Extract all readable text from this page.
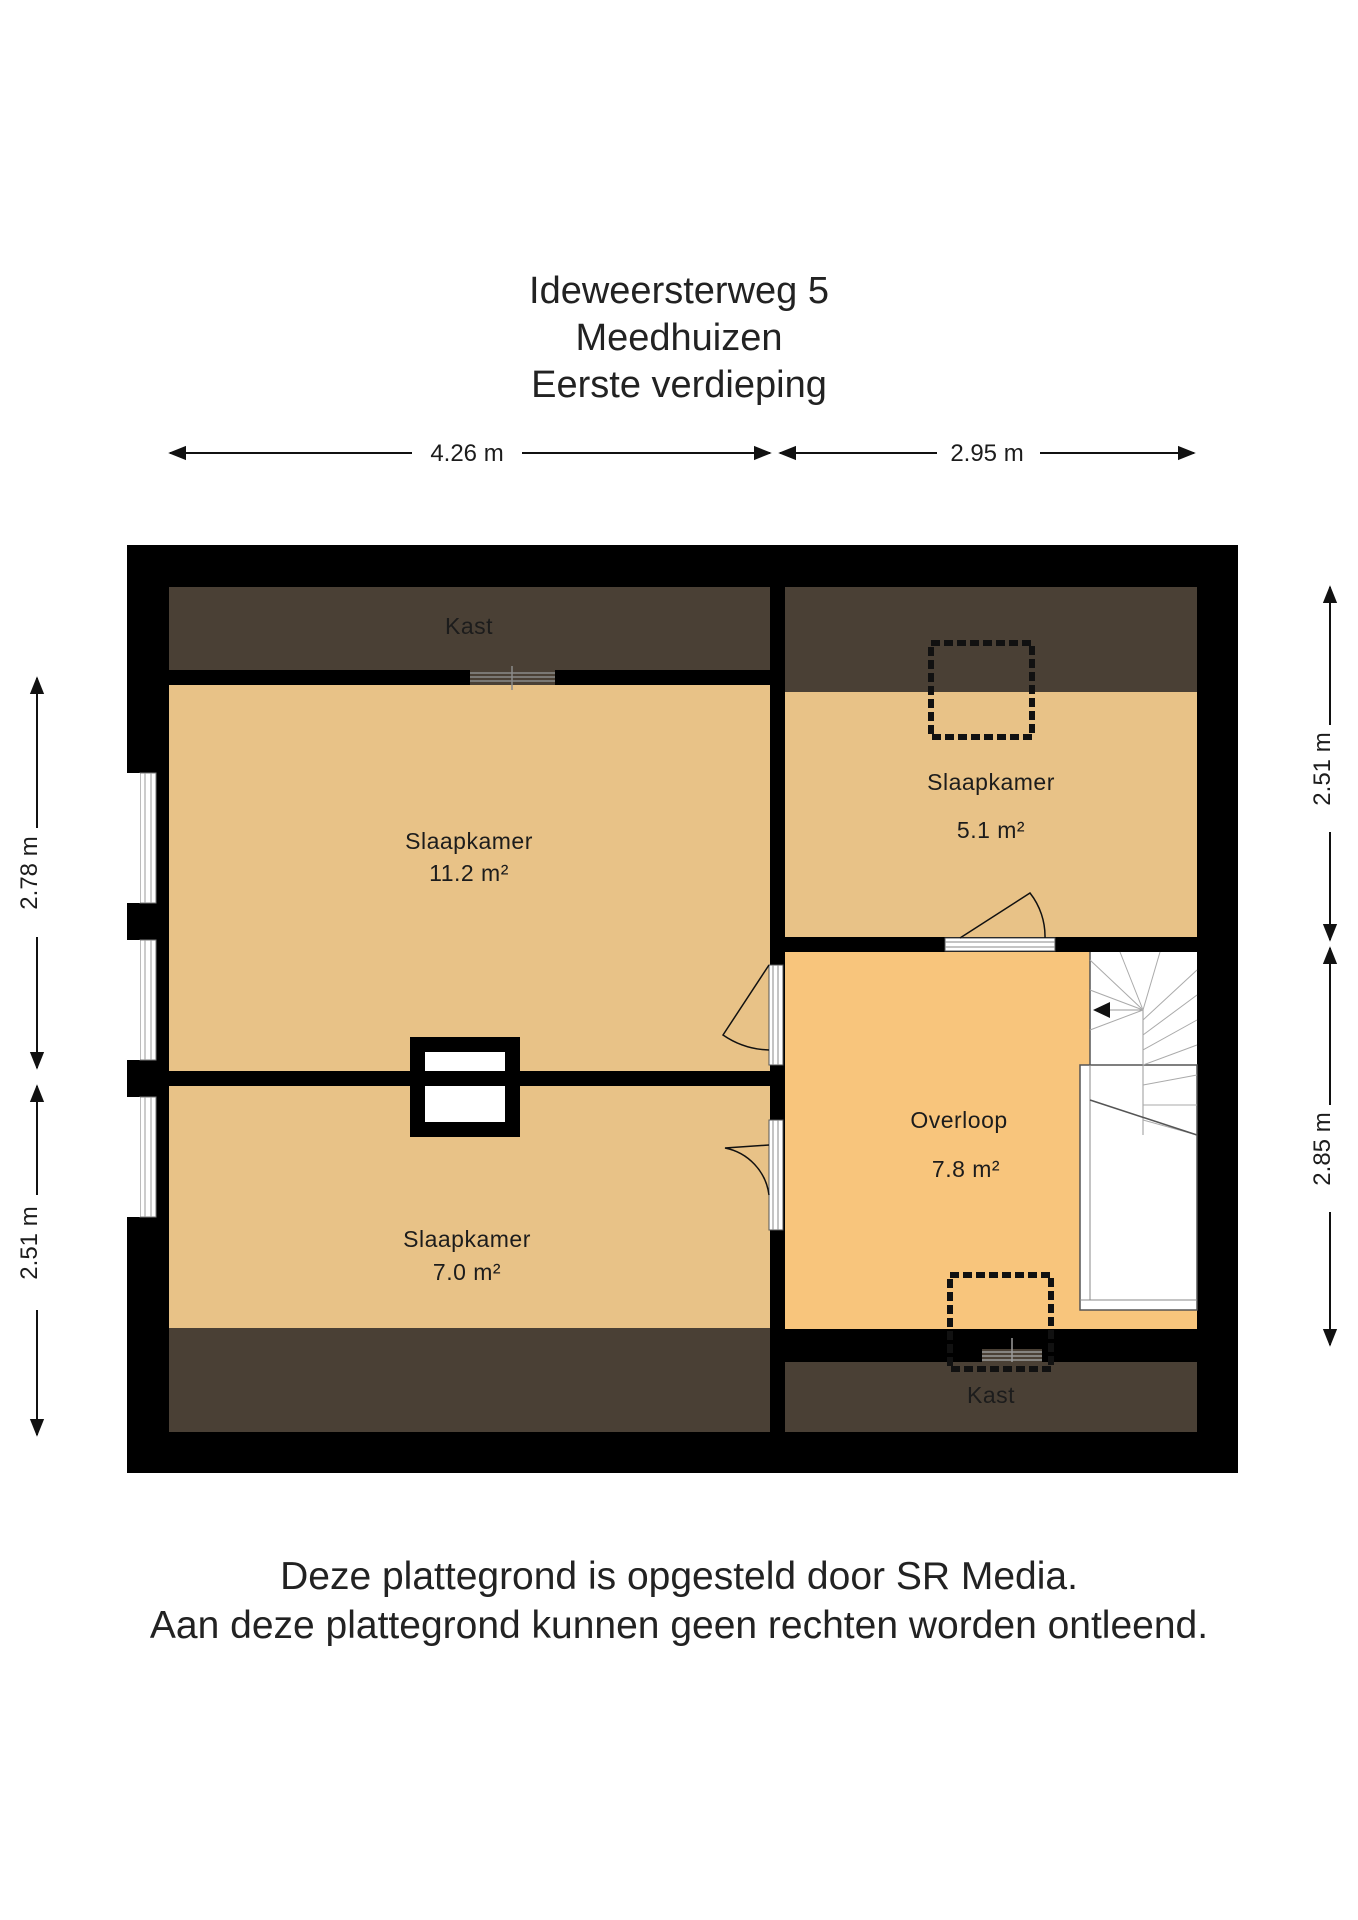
Ideweersterweg 5
Meedhuizen
Eerste verdieping
4.26 m	2.95 m
2.78 m
2.51 m
2.51 m
2.85 m
Kast
Slaapkamer
11.2 m²
Slaapkamer
5.1 m²
Overloop
7.8 m²
Slaapkamer
7.0 m²
Kast
Deze plattegrond is opgesteld door SR Media.
Aan deze plattegrond kunnen geen rechten worden ontleend.
